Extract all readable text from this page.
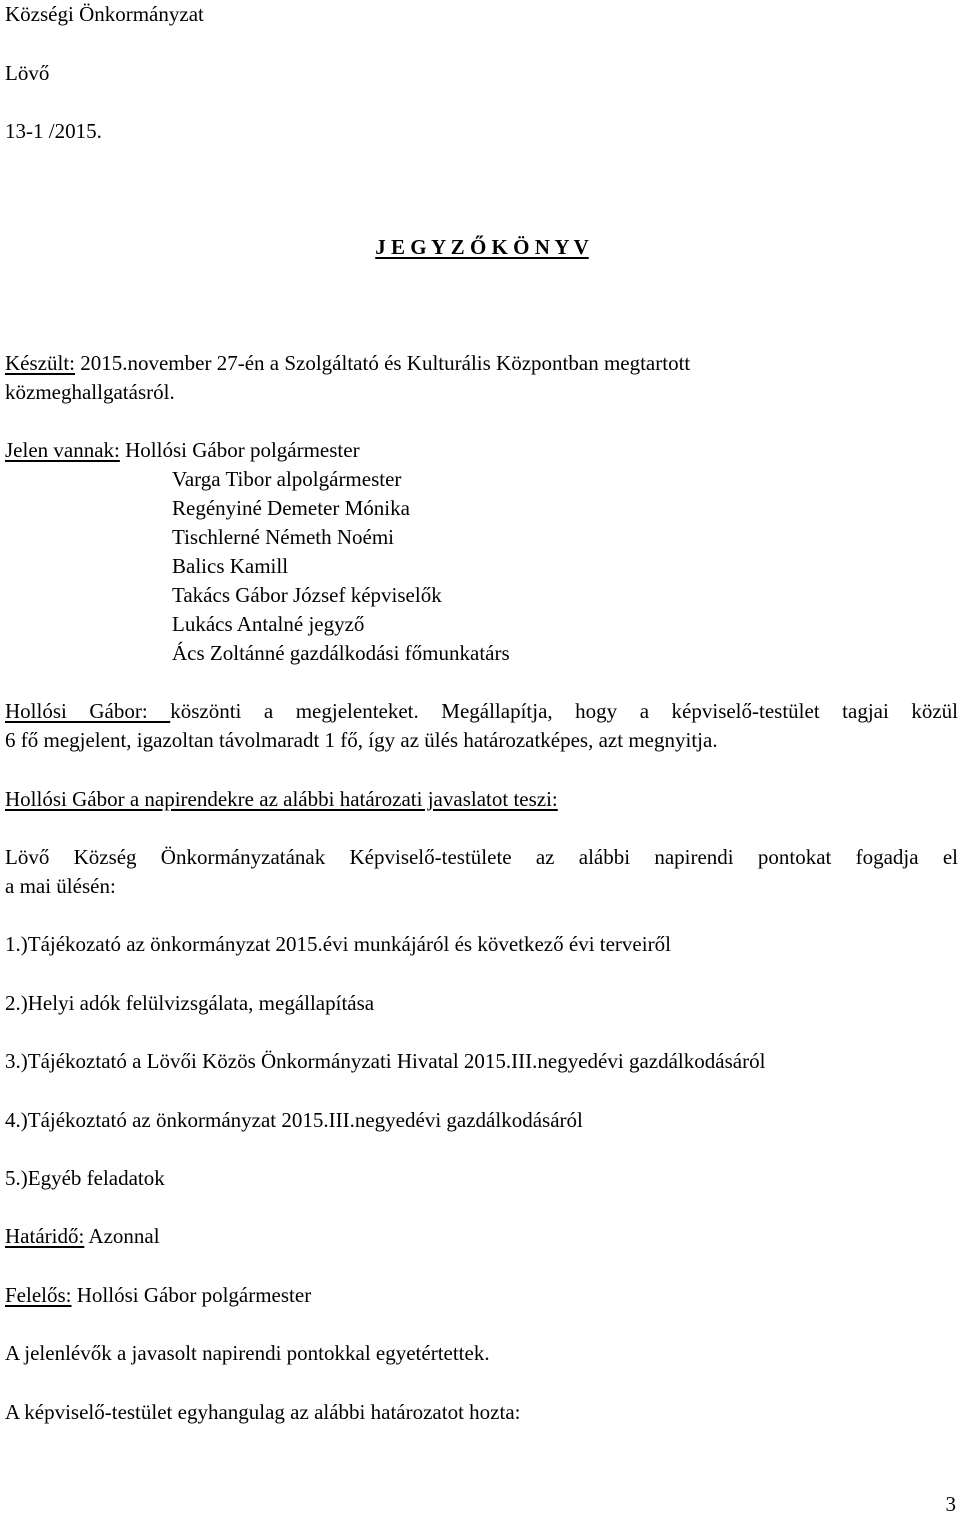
Községi Önkormányzat
Lövő
13-1 /2015.
J E G Y Z Ő K Ö N Y V
Készült: 2015.november 27-én a Szolgáltató és Kulturális Központban megtartott
közmeghallgatásról.
Jelen vannak: Hollósi Gábor polgármester
Varga Tibor alpolgármester
Regényiné Demeter Mónika
Tischlerné Németh Noémi
Balics Kamill
Takács Gábor József képviselők
Lukács Antalné jegyző
Ács Zoltánné gazdálkodási főmunkatárs
Hollósi Gábor: köszönti a megjelenteket. Megállapítja, hogy a képviselő-testület tagjai közül
6 fő megjelent, igazoltan távolmaradt 1 fő, így az ülés határozatképes, azt megnyitja.
Hollósi Gábor a napirendekre az alábbi határozati javaslatot teszi:
Lövő Község Önkormányzatának Képviselő-testülete az alábbi napirendi pontokat fogadja el
a mai ülésén:
1.)Tájékozató az önkormányzat 2015.évi munkájáról és következő évi terveiről
2.)Helyi adók felülvizsgálata, megállapítása
3.)Tájékoztató a Lövői Közös Önkormányzati Hivatal 2015.III.negyedévi gazdálkodásáról
4.)Tájékoztató az önkormányzat 2015.III.negyedévi gazdálkodásáról
5.)Egyéb feladatok
Határidő: Azonnal
Felelős: Hollósi Gábor polgármester
A jelenlévők a javasolt napirendi pontokkal egyetértettek.
A képviselő-testület egyhangulag az alábbi határozatot hozta:
3
